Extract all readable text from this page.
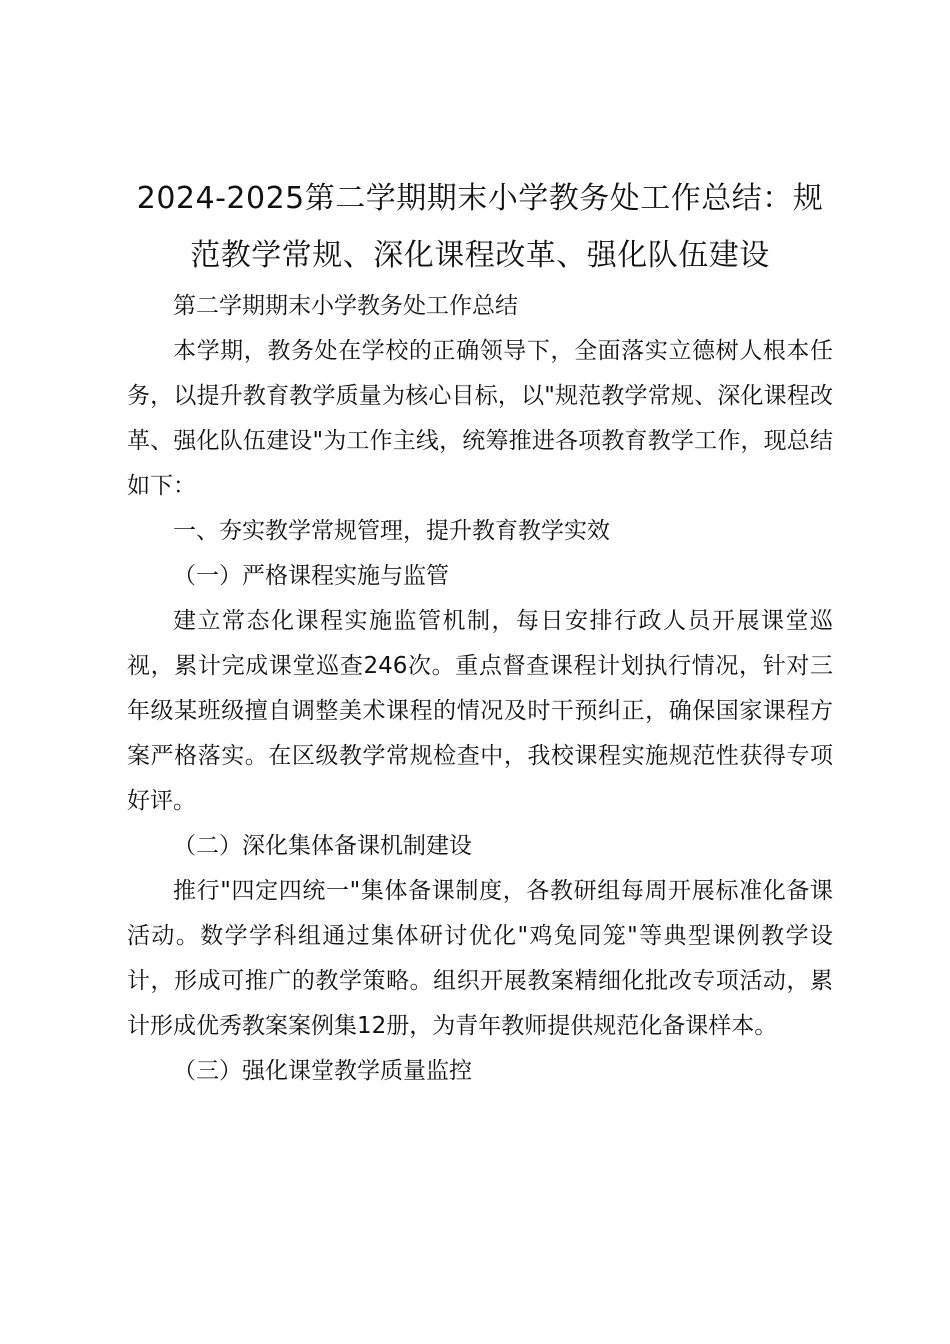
2024-2025第二学期期末小学教务处工作总结：规范教学常规、深化课程改革、强化队伍建设

第二学期期末小学教务处工作总结

本学期，教务处在学校的正确领导下，全面落实立德树人根本任务，以提升教育教学质量为核心目标，以"规范教学常规、深化课程改革、强化队伍建设"为工作主线，统筹推进各项教育教学工作，现总结如下：

一、夯实教学常规管理，提升教育教学实效

（一）严格课程实施与监管

建立常态化课程实施监管机制，每日安排行政人员开展课堂巡视，累计完成课堂巡查246次。重点督查课程计划执行情况，针对三年级某班级擅自调整美术课程的情况及时干预纠正，确保国家课程方案严格落实。在区级教学常规检查中，我校课程实施规范性获得专项好评。

（二）深化集体备课机制建设

推行"四定四统一"集体备课制度，各教研组每周开展标准化备课活动。数学学科组通过集体研讨优化"鸡兔同笼"等典型课例教学设计，形成可推广的教学策略。组织开展教案精细化批改专项活动，累计形成优秀教案案例集12册，为青年教师提供规范化备课样本。

（三）强化课堂教学质量监控
